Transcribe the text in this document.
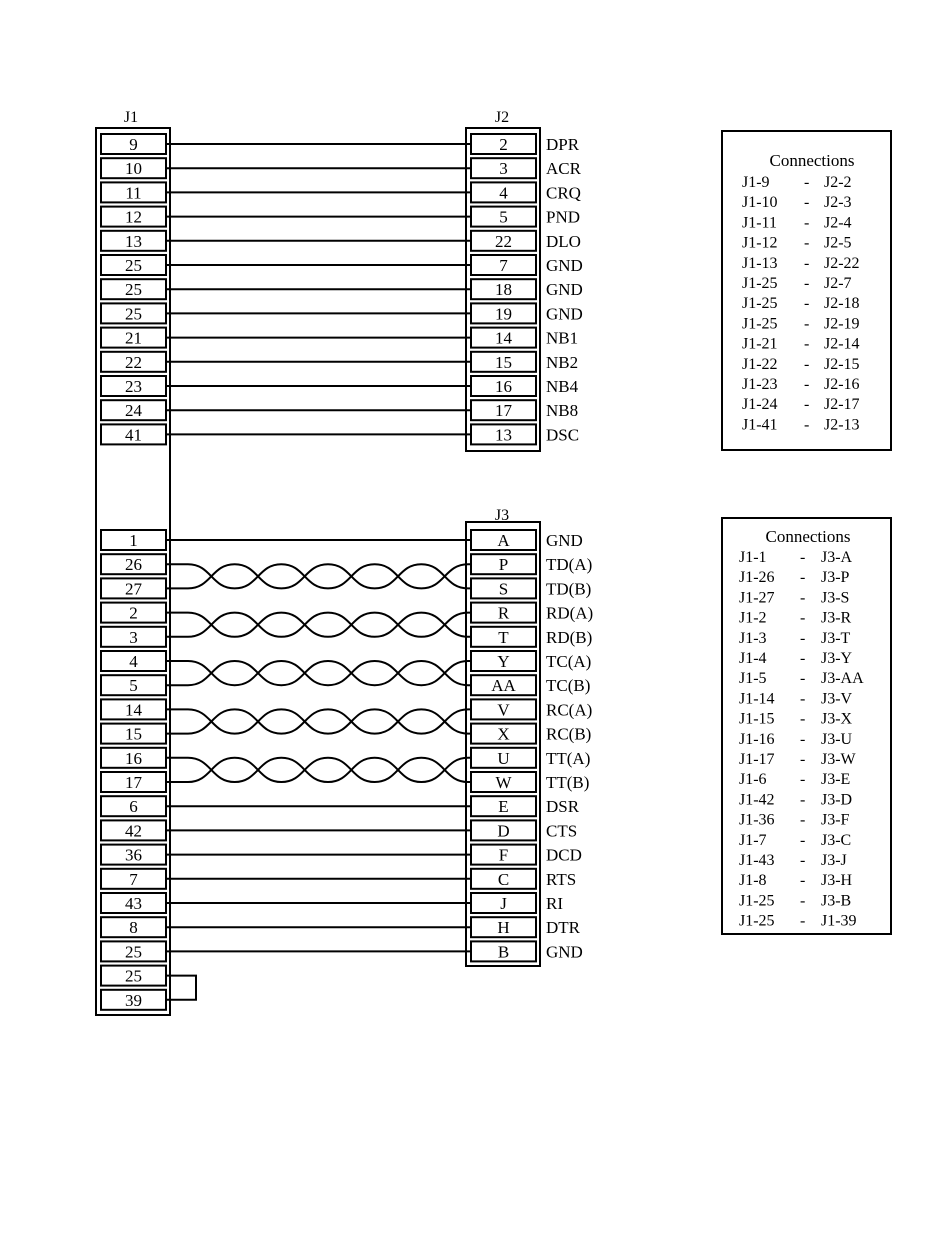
J1	J2
J3
9
10
11
12
13
25
25
25
21
22
23
24
41
2 DPR
3 ACR
4 CRQ
5 PND
22 DLO
7 GND
18 GND
19 GND
14 NB1
15 NB2
16 NB4
17 NB8
13 DSC
1
26
27
2
3
4
5
14
15
16
17
6
42
36
7
43
8
25
25
39
A GND
P TD(A)
S TD(B)
R RD(A)
T RD(B)
Y TC(A)
AA TC(B)
V RC(A)
X RC(B)
U TT(A)
W TT(B)
E DSR
D CTS
F DCD
C RTS
J RI
H DTR
B GND
Connections
J1-9 - J2-2
J1-10 - J2-3
J1-11 - J2-4
J1-12 - J2-5
J1-13 - J2-22
J1-25 - J2-7
J1-25 - J2-18
J1-25 - J2-19
J1-21 - J2-14
J1-22 - J2-15
J1-23 - J2-16
J1-24 - J2-17
J1-41 - J2-13
Connections
J1-1 - J3-A
J1-26 - J3-P
J1-27 - J3-S
J1-2 - J3-R
J1-3 - J3-T
J1-4 - J3-Y
J1-5 - J3-AA
J1-14 - J3-V
J1-15 - J3-X
J1-16 - J3-U
J1-17 - J3-W
J1-6 - J3-E
J1-42 - J3-D
J1-36 - J3-F
J1-7 - J3-C
J1-43 - J3-J
J1-8 - J3-H
J1-25 - J3-B
J1-25 - J1-39
